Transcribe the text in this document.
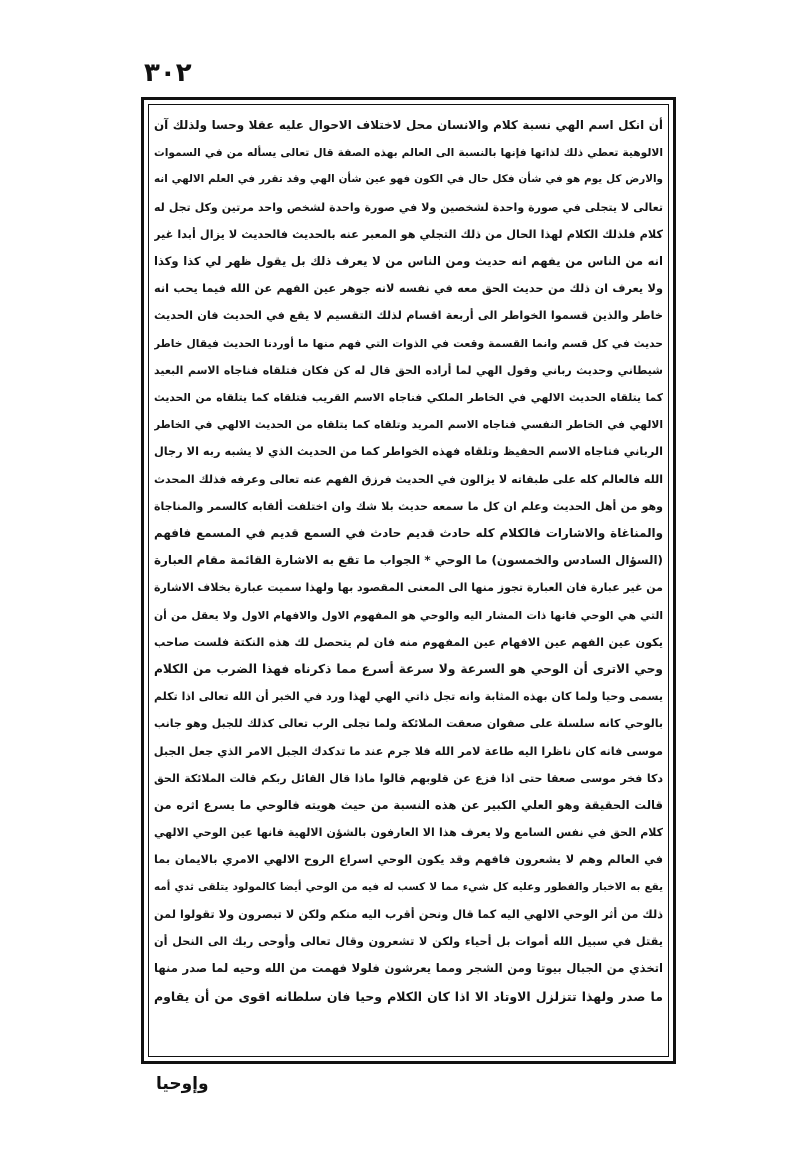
٣٠٢
أن انكل اسم الهي نسبة كلام والانسان محل لاختلاف الاحوال عليه عقلا وحسا ولذلك آن
الالوهية تعطي ذلك لذاتها فإنها بالنسبة الى العالم بهذه الصفة قال تعالى يسأله من في السموات
والارض كل يوم هو في شأن فكل حال في الكون فهو عين شأن الهي وقد تقرر في العلم الالهي انه
تعالى لا يتجلى في صورة واحدة لشخصين ولا في صورة واحدة لشخص واحد مرتين وكل تجل له
كلام فلذلك الكلام لهذا الحال من ذلك التجلي هو المعبر عنه بالحديث فالحديث لا يزال أبدا غير
انه من الناس من يفهم انه حديث ومن الناس من لا يعرف ذلك بل يقول ظهر لي كذا وكذا
ولا يعرف ان ذلك من حديث الحق معه في نفسه لانه جوهر عين الفهم عن الله فيما يحب انه
خاطر والذين قسموا الخواطر الى أربعة اقسام لذلك التقسيم لا يقع في الحديث فان الحديث
حديث في كل قسم وانما القسمة وقعت في الذوات التي فهم منها ما أوردنا الحديث فيقال خاطر
شيطاني وحديث رباني وقول الهي لما أراده الحق قال له كن فكان فتلقاه فناجاه الاسم البعيد
كما يتلقاه الحديث الالهي في الخاطر الملكي فناجاه الاسم القريب فتلقاه كما يتلقاه من الحديث
الالهي في الخاطر النفسي فناجاه الاسم المريد وتلقاه كما يتلقاه من الحديث الالهي في الخاطر
الرباني فناجاه الاسم الحفيظ وتلقاه فهذه الخواطر كما من الحديث الذي لا يشبه ربه الا رجال
الله فالعالم كله على طبقاته لا يزالون في الحديث فرزق الفهم عنه تعالى وعرفه فذلك المحدث
وهو من أهل الحديث وعلم ان كل ما سمعه حديث بلا شك وان اختلفت ألقابه كالسمر والمناجاة
والمناغاة والاشارات فالكلام كله حادث قديم حادث في السمع قديم في المسمع فافهم
(السؤال السادس والخمسون) ما الوحي * الجواب ما تقع به الاشارة القائمة مقام العبارة
من غير عبارة فان العبارة تجوز منها الى المعنى المقصود بها ولهذا سميت عبارة بخلاف الاشارة
التي هي الوحي فانها ذات المشار اليه والوحي هو المفهوم الاول والافهام الاول ولا يعقل من أن
يكون عين الفهم عين الافهام عين المفهوم منه فان لم يتحصل لك هذه النكتة فلست صاحب
وحي الاترى أن الوحي هو السرعة ولا سرعة أسرع مما ذكرناه فهذا الضرب من الكلام
يسمى وحيا ولما كان بهذه المثابة وانه تجل ذاتي الهي لهذا ورد في الخبر أن الله تعالى اذا تكلم
بالوحي كانه سلسلة على صفوان صعقت الملائكة ولما تجلى الرب تعالى كذلك للجبل وهو جانب
موسى فانه كان ناظرا اليه طاعة لامر الله فلا جرم عند ما تدكدك الجبل الامر الذي جعل الجبل
دكا فخر موسى صعقا حتى اذا فزع عن قلوبهم قالوا ماذا قال القائل ربكم قالت الملائكة الحق
قالت الحقيقة وهو العلي الكبير عن هذه النسبة من حيث هويته فالوحي ما يسرع اثره من
كلام الحق في نفس السامع ولا يعرف هذا الا العارفون بالشؤن الالهية فانها عين الوحي الالهي
في العالم وهم لا يشعرون فافهم وقد يكون الوحي اسراع الروح الالهي الامري بالايمان بما
يقع به الاخبار والفطور وعليه كل شيء مما لا كسب له فيه من الوحي أيضا كالمولود يتلقى ثدي أمه
ذلك من أثر الوحي الالهي اليه كما قال ونحن أقرب اليه منكم ولكن لا تبصرون ولا تقولوا لمن
يقتل في سبيل الله أموات بل أحياء ولكن لا تشعرون وقال تعالى وأوحى ربك الى النحل أن
اتخذي من الجبال بيوتا ومن الشجر ومما يعرشون فلولا فهمت من الله وحيه لما صدر منها
ما صدر ولهذا تتزلزل الاوتاد الا اذا كان الكلام وحيا فان سلطانه اقوى من أن يقاوم
وإوحيا
